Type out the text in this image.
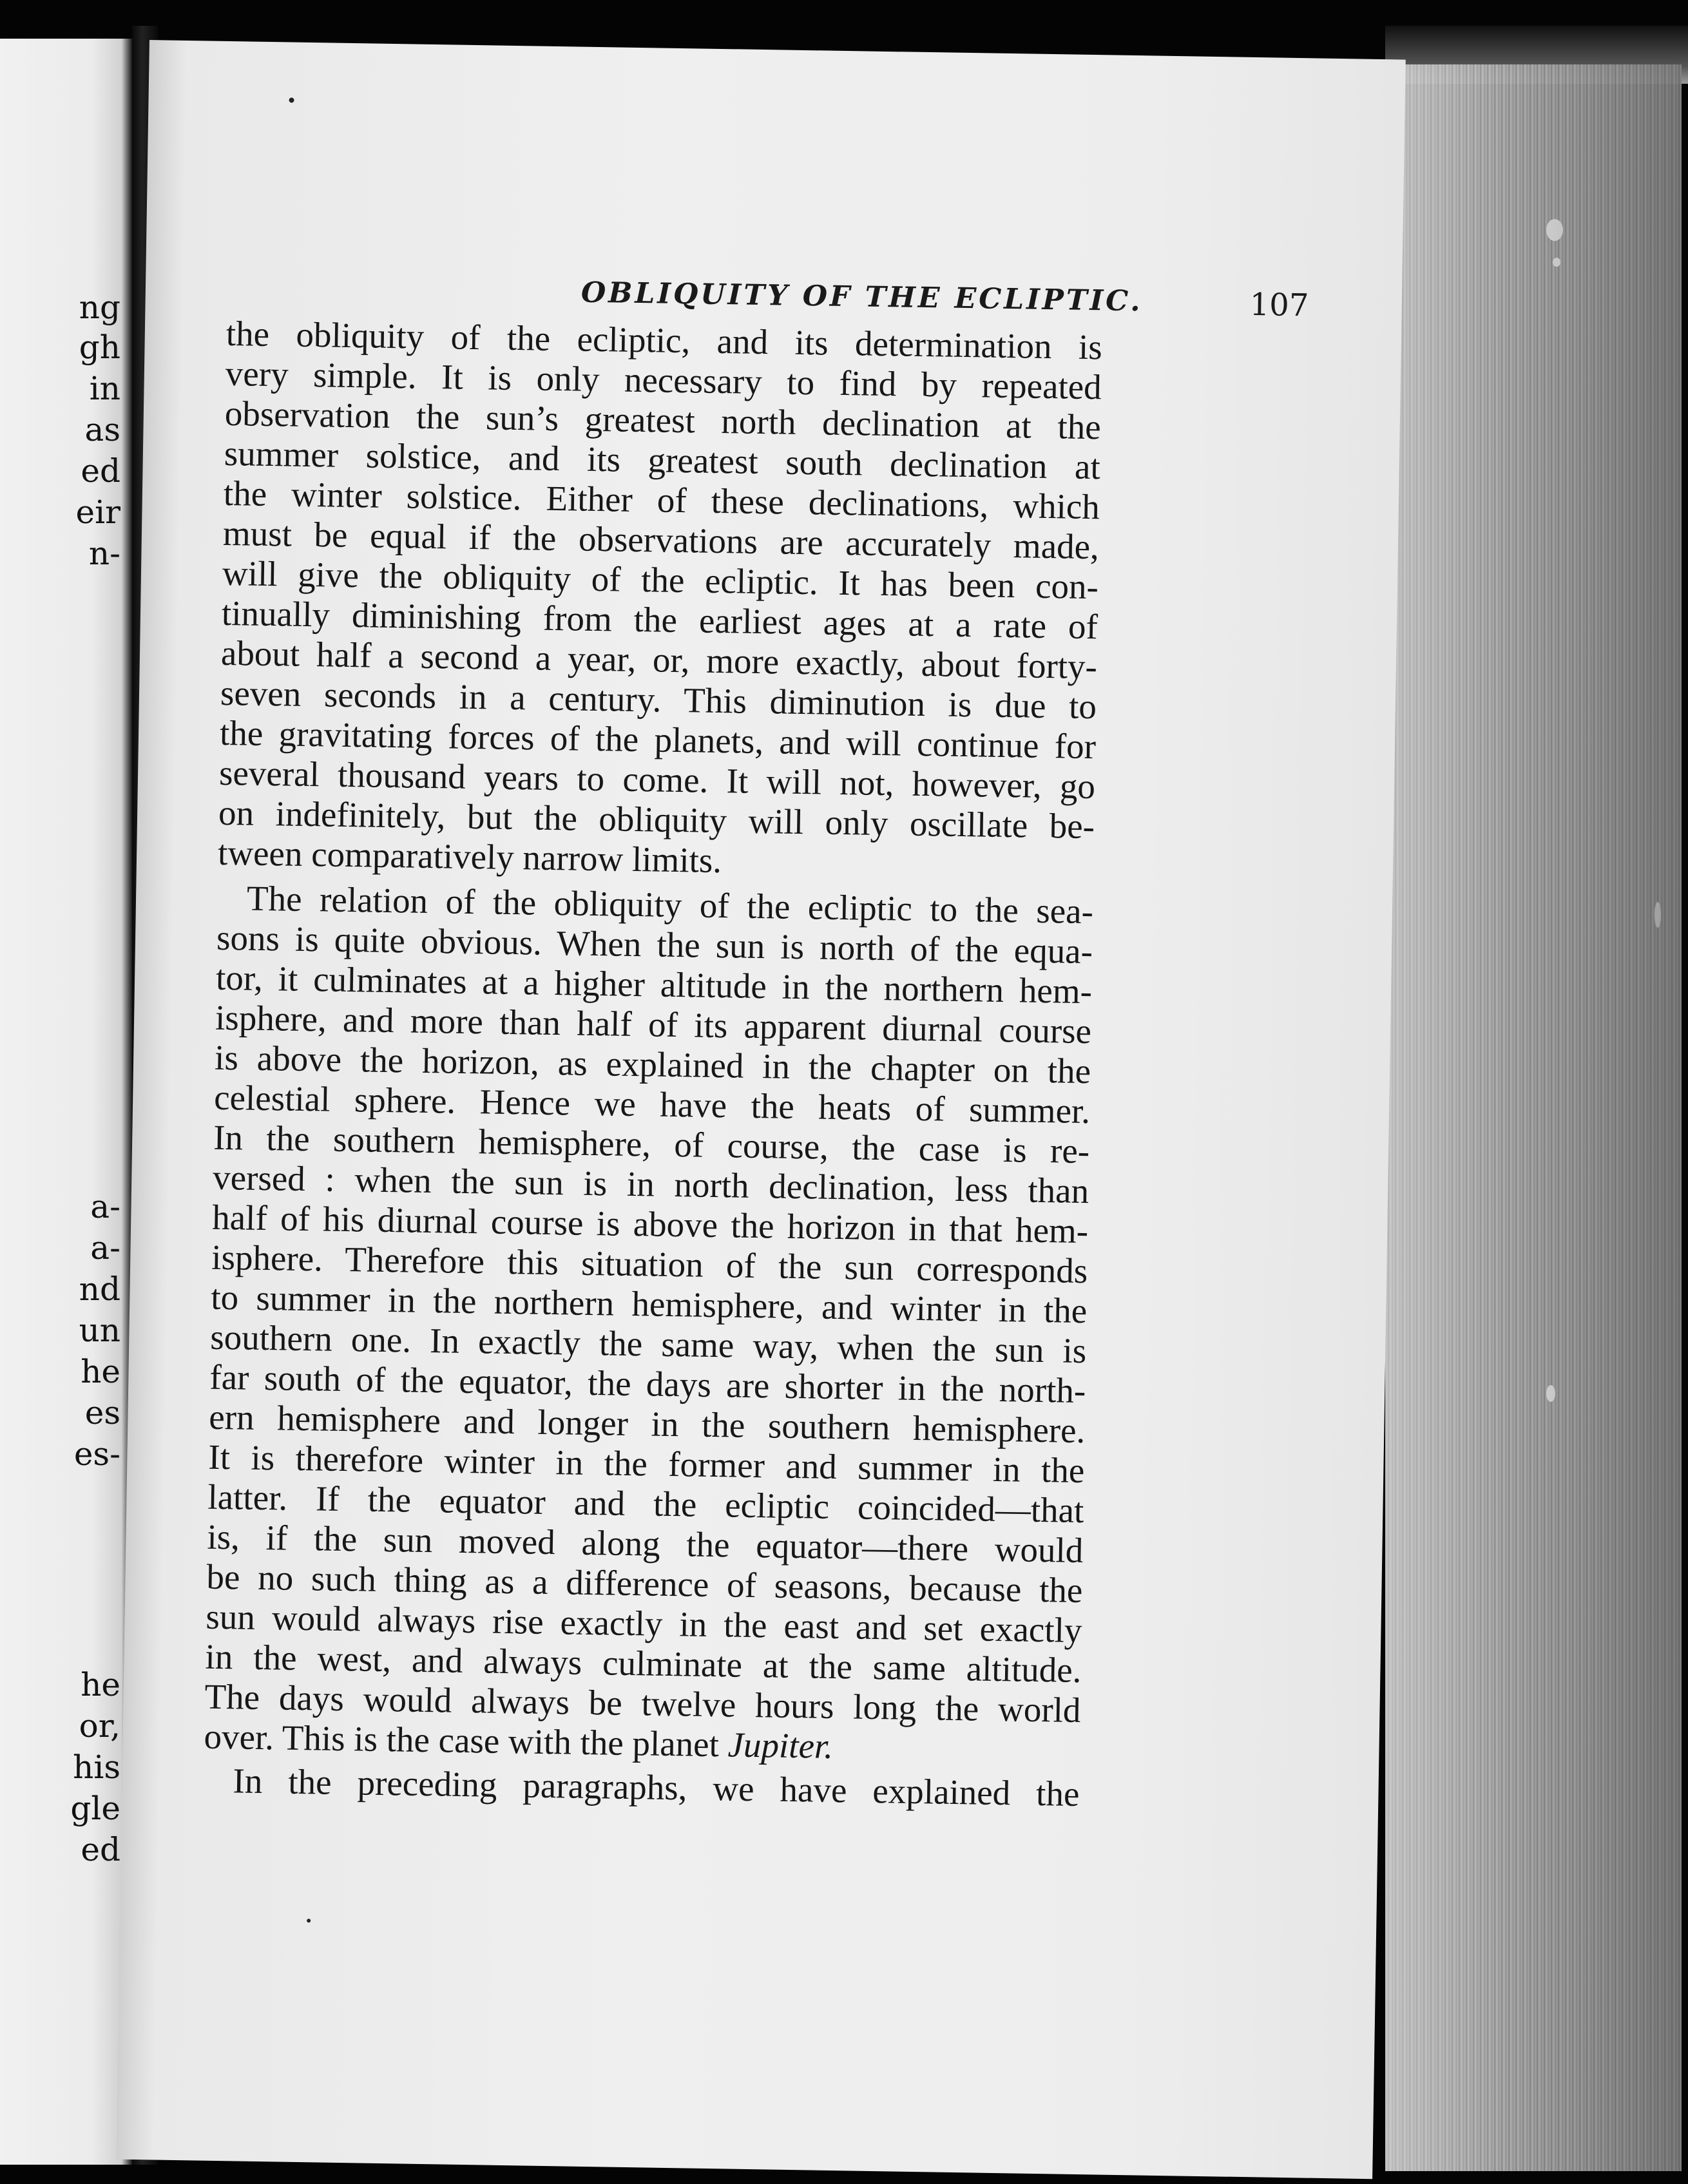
ng
gh
in
as
ed
eir
n-
a-
a-
nd
un
he
es
es-
he
or,
his
gle
ed
OBLIQUITY OF THE ECLIPTIC.	107
the obliquity of the ecliptic, and its determination is
very simple. It is only necessary to find by repeated
observation the sun’s greatest north declination at the
summer solstice, and its greatest south declination at
the winter solstice. Either of these declinations, which
must be equal if the observations are accurately made,
will give the obliquity of the ecliptic. It has been con-
tinually diminishing from the earliest ages at a rate of
about half a second a year, or, more exactly, about forty-
seven seconds in a century. This diminution is due to
the gravitating forces of the planets, and will continue for
several thousand years to come. It will not, however, go
on indefinitely, but the obliquity will only oscillate be-
tween comparatively narrow limits.
The relation of the obliquity of the ecliptic to the sea-
sons is quite obvious. When the sun is north of the equa-
tor, it culminates at a higher altitude in the northern hem-
isphere, and more than half of its apparent diurnal course
is above the horizon, as explained in the chapter on the
celestial sphere. Hence we have the heats of summer.
In the southern hemisphere, of course, the case is re-
versed : when the sun is in north declination, less than
half of his diurnal course is above the horizon in that hem-
isphere. Therefore this situation of the sun corresponds
to summer in the northern hemisphere, and winter in the
southern one. In exactly the same way, when the sun is
far south of the equator, the days are shorter in the north-
ern hemisphere and longer in the southern hemisphere.
It is therefore winter in the former and summer in the
latter. If the equator and the ecliptic coincided—that
is, if the sun moved along the equator—there would
be no such thing as a difference of seasons, because the
sun would always rise exactly in the east and set exactly
in the west, and always culminate at the same altitude.
The days would always be twelve hours long the world
over. This is the case with the planet Jupiter.
In the preceding paragraphs, we have explained the
